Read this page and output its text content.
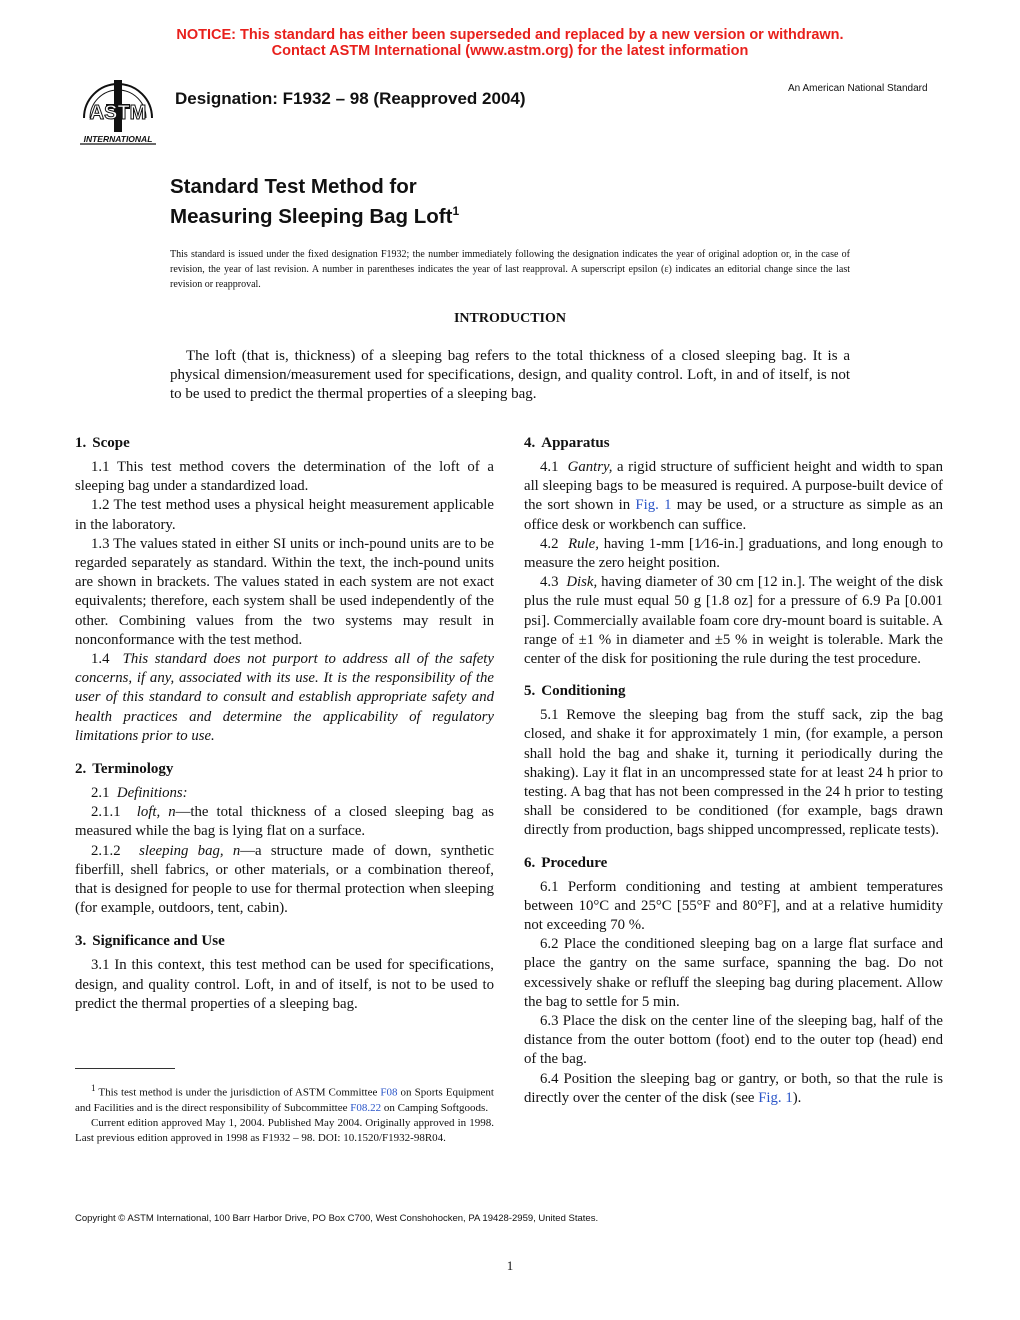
NOTICE: This standard has either been superseded and replaced by a new version or withdrawn.
Contact ASTM International (www.astm.org) for the latest information
ASTM
INTERNATIONAL
Designation: F1932 – 98 (Reapproved 2004)
An American National Standard
Standard Test Method for
Measuring Sleeping Bag Loft$^1$
This standard is issued under the fixed designation F1932; the number immediately following the designation indicates the year of original adoption or, in the case of revision, the year of last revision. A number in parentheses indicates the year of last reapproval. A superscript epsilon (ε) indicates an editorial change since the last revision or reapproval.
INTRODUCTION

The loft (that is, thickness) of a sleeping bag refers to the total thickness of a closed sleeping bag. It is a physical dimension/measurement used for specifications, design, and quality control. Loft, in and of itself, is not to be used to predict the thermal properties of a sleeping bag.

1. Scope

1.1 This test method covers the determination of the loft of a sleeping bag under a standardized load.

1.2 The test method uses a physical height measurement applicable in the laboratory.

1.3 The values stated in either SI units or inch-pound units are to be regarded separately as standard. Within the text, the inch-pound units are shown in brackets. The values stated in each system are not exact equivalents; therefore, each system shall be used independently of the other. Combining values from the two systems may result in nonconformance with the test method.

1.4 This standard does not purport to address all of the safety concerns, if any, associated with its use. It is the responsibility of the user of this standard to consult and establish appropriate safety and health practices and determine the applicability of regulatory limitations prior to use.

2. Terminology

2.1 Definitions:

2.1.1 loft, n—the total thickness of a closed sleeping bag as measured while the bag is lying flat on a surface.

2.1.2 sleeping bag, n—a structure made of down, synthetic fiberfill, shell fabrics, or other materials, or a combination thereof, that is designed for people to use for thermal protection when sleeping (for example, outdoors, tent, cabin).

3. Significance and Use

3.1 In this context, this test method can be used for specifications, design, and quality control. Loft, in and of itself, is not to be used to predict the thermal properties of a sleeping bag.

4. Apparatus

4.1 Gantry, a rigid structure of sufficient height and width to span all sleeping bags to be measured is required. A purpose-built device of the sort shown in Fig. 1 may be used, or a structure as simple as an office desk or workbench can suffice.

4.2 Rule, having 1-mm [1⁄16-in.] graduations, and long enough to measure the zero height position.

4.3 Disk, having diameter of 30 cm [12 in.]. The weight of the disk plus the rule must equal 50 g [1.8 oz] for a pressure of 6.9 Pa [0.001 psi]. Commercially available foam core dry-mount board is suitable. A range of ±1 % in diameter and ±5 % in weight is tolerable. Mark the center of the disk for positioning the rule during the test procedure.

5. Conditioning

5.1 Remove the sleeping bag from the stuff sack, zip the bag closed, and shake it for approximately 1 min, (for example, a person shall hold the bag and shake it, turning it periodically during the shaking). Lay it flat in an uncompressed state for at least 24 h prior to testing. A bag that has not been compressed in the 24 h prior to testing shall be considered to be conditioned (for example, bags drawn directly from production, bags shipped uncompressed, replicate tests).

6. Procedure

6.1 Perform conditioning and testing at ambient temperatures between 10°C and 25°C [55°F and 80°F], and at a relative humidity not exceeding 70 %.

6.2 Place the conditioned sleeping bag on a large flat surface and place the gantry on the same surface, spanning the bag. Do not excessively shake or refluff the sleeping bag during placement. Allow the bag to settle for 5 min.

6.3 Place the disk on the center line of the sleeping bag, half of the distance from the outer bottom (foot) end to the outer top (head) end of the bag.

6.4 Position the sleeping bag or gantry, or both, so that the rule is directly over the center of the disk (see Fig. 1).

$^1$ This test method is under the jurisdiction of ASTM Committee F08 on Sports Equipment and Facilities and is the direct responsibility of Subcommittee F08.22 on Camping Softgoods.

Current edition approved May 1, 2004. Published May 2004. Originally approved in 1998. Last previous edition approved in 1998 as F1932 – 98. DOI: 10.1520/F1932-98R04.

Copyright © ASTM International, 100 Barr Harbor Drive, PO Box C700, West Conshohocken, PA 19428-2959, United States.
1
